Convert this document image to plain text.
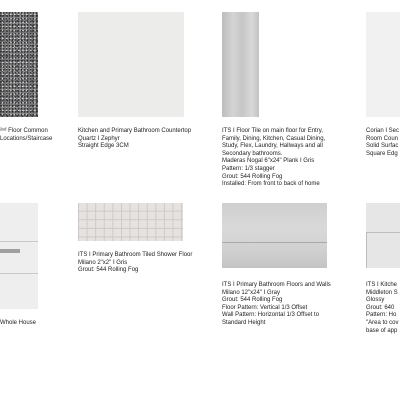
²ⁿᵈ Floor Common
Locations/Staircase
Kitchen and Primary Bathroom Countertop
Quartz I Zephyr
Straight Edge 3CM
ITS I Floor Tile on main floor for Entry,
Family, Dining, Kitchen, Casual Dining,
Study, Flex, Laundry, Hallways and all
Secondary bathrooms.
Maderas Nogal 6"x24" Plank I Gris
Pattern: 1/3 stagger
Grout: 544 Rolling Fog
Installed: From front to back of home
Corian I Sec
Room Coun
Solid Surfac
Square Edg
Whole House
ITS I Primary Bathroom Tiled Shower Floor
Milano 2"x2" I Gris
Grout: 544 Rolling Fog
ITS I Primary Bathroom Floors and Walls
Milano 12"x24" I Gray
Grout: 544 Rolling Fog
Floor Pattern: Vertical 1/3 Offset
Wall Pattern: Horizontal 1/3 Offset to
Standard Height
ITS I Kitche
Middleton S
Glossy
Grout: 640
Pattern: Ho
"Area to cov
base of app
